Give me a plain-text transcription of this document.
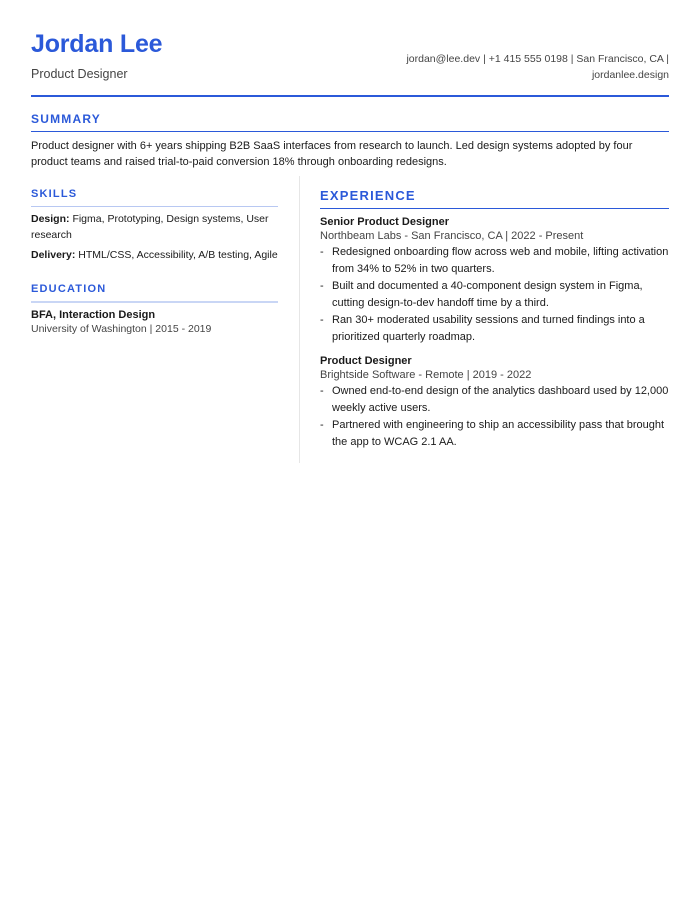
Jordan Lee
Product Designer
jordan@lee.dev | +1 415 555 0198 | San Francisco, CA | jordanlee.design
SUMMARY
Product designer with 6+ years shipping B2B SaaS interfaces from research to launch. Led design systems adopted by four product teams and raised trial-to-paid conversion 18% through onboarding redesigns.
SKILLS
Design: Figma, Prototyping, Design systems, User research
Delivery: HTML/CSS, Accessibility, A/B testing, Agile
EDUCATION
BFA, Interaction Design
University of Washington | 2015 - 2019
EXPERIENCE
Senior Product Designer
Northbeam Labs - San Francisco, CA | 2022 - Present
- Redesigned onboarding flow across web and mobile, lifting activation from 34% to 52% in two quarters.
- Built and documented a 40-component design system in Figma, cutting design-to-dev handoff time by a third.
- Ran 30+ moderated usability sessions and turned findings into a prioritized quarterly roadmap.
Product Designer
Brightside Software - Remote | 2019 - 2022
- Owned end-to-end design of the analytics dashboard used by 12,000 weekly active users.
- Partnered with engineering to ship an accessibility pass that brought the app to WCAG 2.1 AA.
